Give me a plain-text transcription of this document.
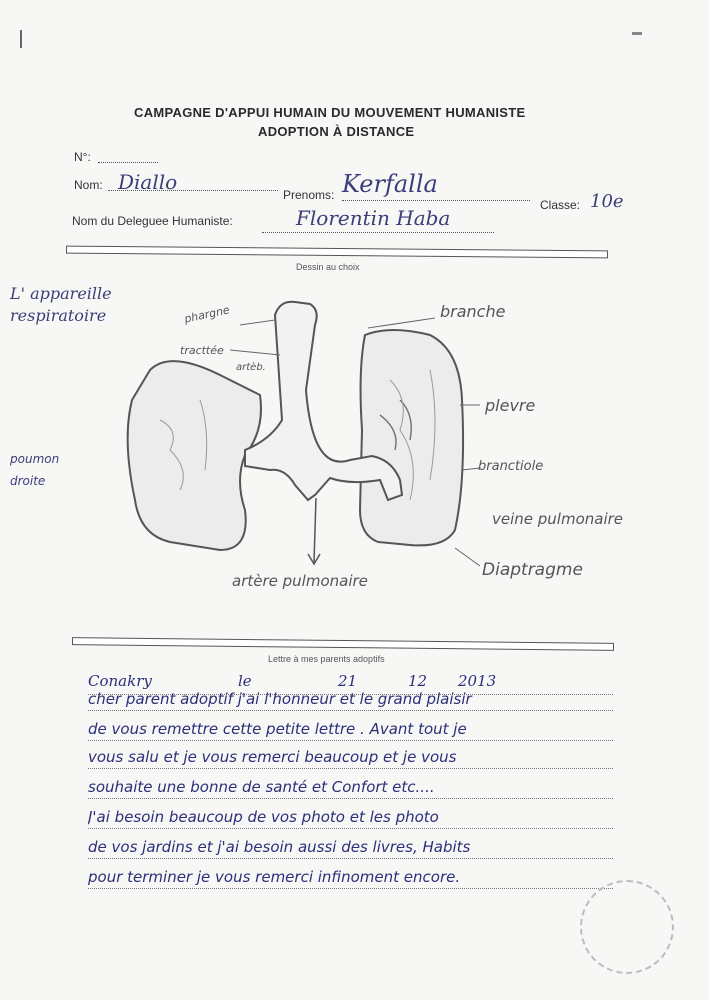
CAMPAGNE D'APPUI HUMAIN DU MOUVEMENT HUMANISTE
ADOPTION À DISTANCE
N°:
Nom: Diallo
Prenoms: Kerfalla
Classe: 10e
Nom du Deleguee Humaniste:	Florentin Haba
Dessin au choix
L' appareille respiratoire	phargne
tracttée
artèb.
branche
plevre
branctiole
veine pulmonaire
Diaptragme
poumon droite
artère pulmonaire
Lettre à mes parents adoptifs
Conakry	le	21	12 2013
cher parent adoptif j'ai l'honneur et le grand plaisir
de vous remettre cette petite lettre . Avant tout je
vous salu et je vous remerci beaucoup et je vous
souhaite une bonne de santé et Confort etc....
J'ai besoin beaucoup de vos photo et les photo
de vos jardins et j'ai besoin aussi des livres, Habits
pour terminer je vous remerci infinoment encore.
